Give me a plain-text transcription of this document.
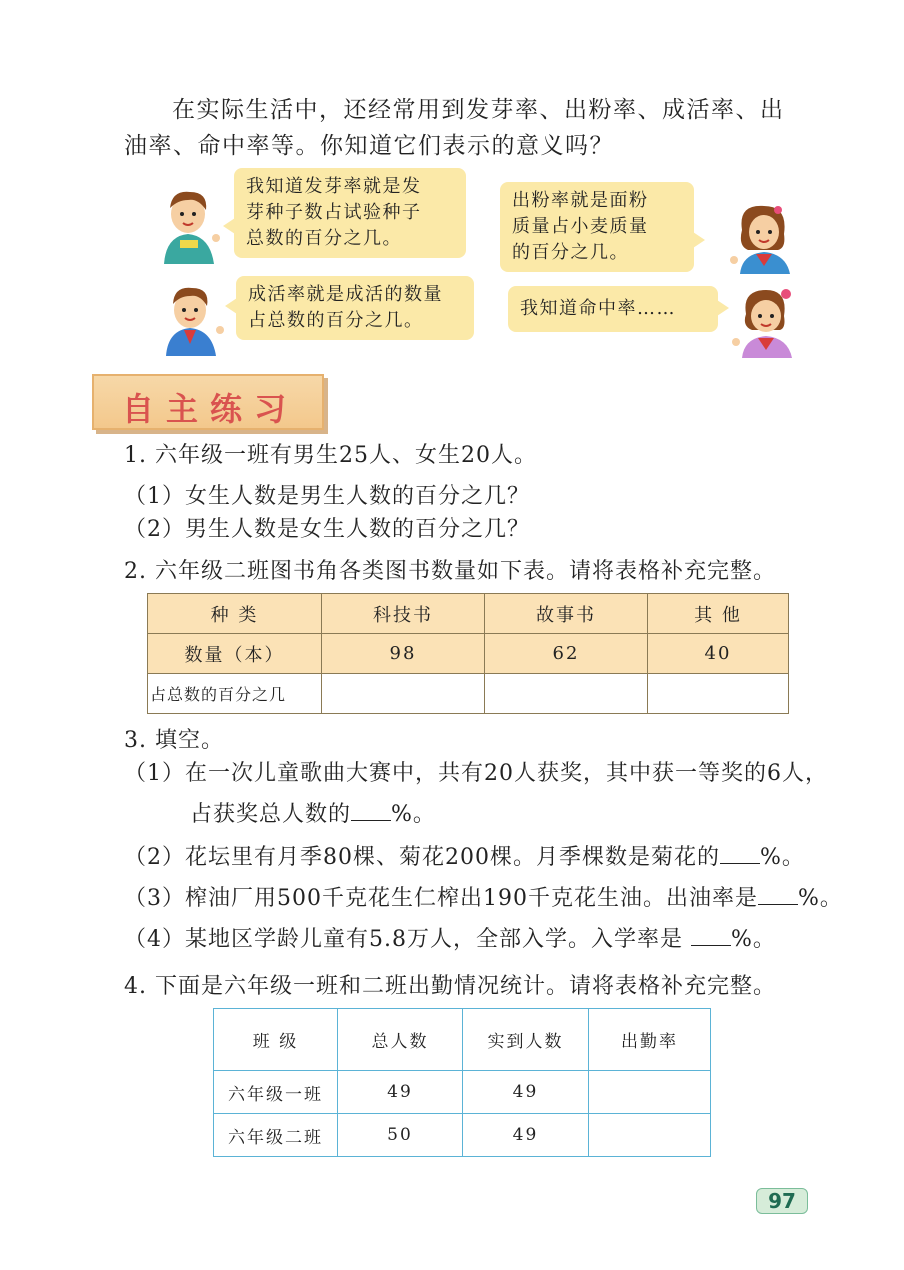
在实际生活中，还经常用到发芽率、出粉率、成活率、出
油率、命中率等。你知道它们表示的意义吗？
我知道发芽率就是发
芽种子数占试验种子
总数的百分之几。
出粉率就是面粉
质量占小麦质量
的百分之几。
成活率就是成活的数量
占总数的百分之几。
我知道命中率……
自主练习
1. 六年级一班有男生25人、女生20人。
（1）女生人数是男生人数的百分之几？
（2）男生人数是女生人数的百分之几？
2. 六年级二班图书角各类图书数量如下表。请将表格补充完整。
种 类	科技书	故事书	其 他
数量（本）	98	62	40
占总数的百分之几			
3. 填空。
（1）在一次儿童歌曲大赛中，共有20人获奖，其中获一等奖的6人，
占获奖总人数的 %。
（2）花坛里有月季80棵、菊花200棵。月季棵数是菊花的 %。
（3）榨油厂用500千克花生仁榨出190千克花生油。出油率是 %。
（4）某地区学龄儿童有5.8万人，全部入学。入学率是 %。
4. 下面是六年级一班和二班出勤情况统计。请将表格补充完整。
班 级	总人数	实到人数	出勤率
六年级一班	49	49	
六年级二班	50	49	
97
